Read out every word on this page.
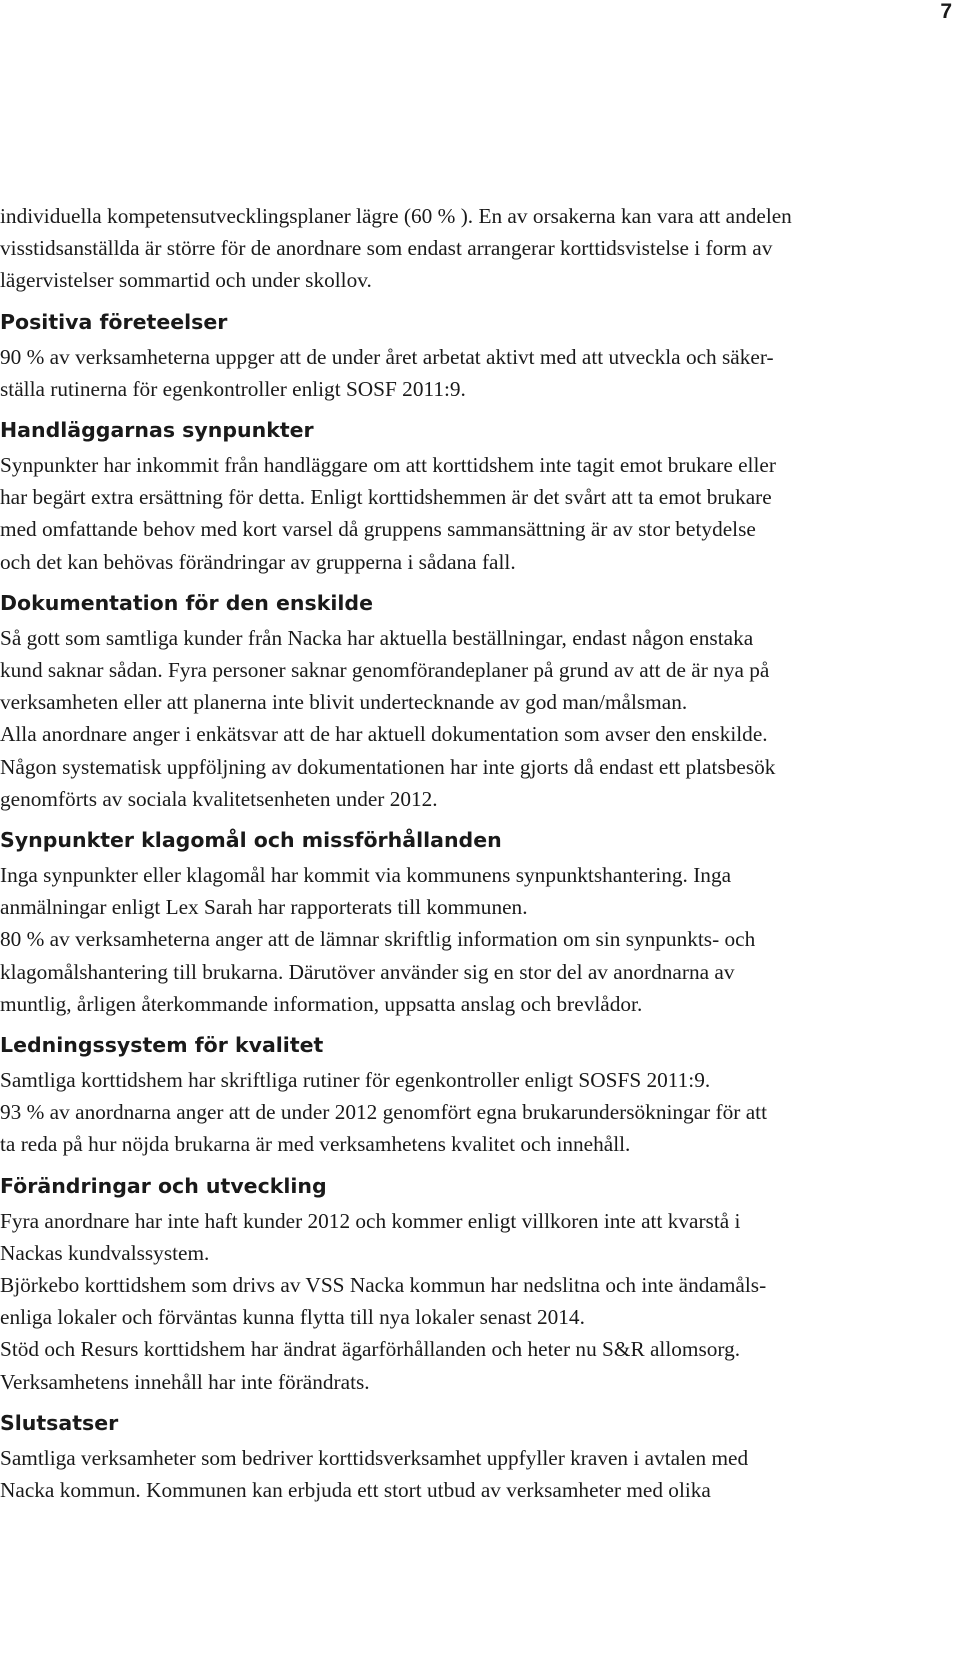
7

individuella kompetensutvecklingsplaner lägre (60 % ). En av orsakerna kan vara att andelen
visstidsanställda är större för de anordnare som endast arrangerar korttidsvistelse i form av
lägervistelser sommartid och under skollov.

Positiva företeelser

90 % av verksamheterna uppger att de under året arbetat aktivt med att utveckla och säker-
ställa rutinerna för egenkontroller enligt SOSF 2011:9.

Handläggarnas synpunkter

Synpunkter har inkommit från handläggare om att korttidshem inte tagit emot brukare eller
har begärt extra ersättning för detta. Enligt korttidshemmen är det svårt att ta emot brukare
med omfattande behov med kort varsel då gruppens sammansättning är av stor betydelse
och det kan behövas förändringar av grupperna i sådana fall.

Dokumentation för den enskilde

Så gott som samtliga kunder från Nacka har aktuella beställningar, endast någon enstaka
kund saknar sådan. Fyra personer saknar genomförandeplaner på grund av att de är nya på
verksamheten eller att planerna inte blivit undertecknande av god man/målsman.

Alla anordnare anger i enkätsvar att de har aktuell dokumentation som avser den enskilde.

Någon systematisk uppföljning av dokumentationen har inte gjorts då endast ett platsbesök
genomförts av sociala kvalitetsenheten under 2012.

Synpunkter klagomål och missförhållanden

Inga synpunkter eller klagomål har kommit via kommunens synpunktshantering. Inga
anmälningar enligt Lex Sarah har rapporterats till kommunen.

80 % av verksamheterna anger att de lämnar skriftlig information om sin synpunkts- och
klagomålshantering till brukarna. Därutöver använder sig en stor del av anordnarna av
muntlig, årligen återkommande information, uppsatta anslag och brevlådor.

Ledningssystem för kvalitet

Samtliga korttidshem har skriftliga rutiner för egenkontroller enligt SOSFS 2011:9.

93 % av anordnarna anger att de under 2012 genomfört egna brukarundersökningar för att
ta reda på hur nöjda brukarna är med verksamhetens kvalitet och innehåll.

Förändringar och utveckling

Fyra anordnare har inte haft kunder 2012 och kommer enligt villkoren inte att kvarstå i
Nackas kundvalssystem.

Björkebo korttidshem som drivs av VSS Nacka kommun har nedslitna och inte ändamåls-
enliga lokaler och förväntas kunna flytta till nya lokaler senast 2014.

Stöd och Resurs korttidshem har ändrat ägarförhållanden och heter nu S&R allomsorg.
Verksamhetens innehåll har inte förändrats.

Slutsatser

Samtliga verksamheter som bedriver korttidsverksamhet uppfyller kraven i avtalen med
Nacka kommun. Kommunen kan erbjuda ett stort utbud av verksamheter med olika
